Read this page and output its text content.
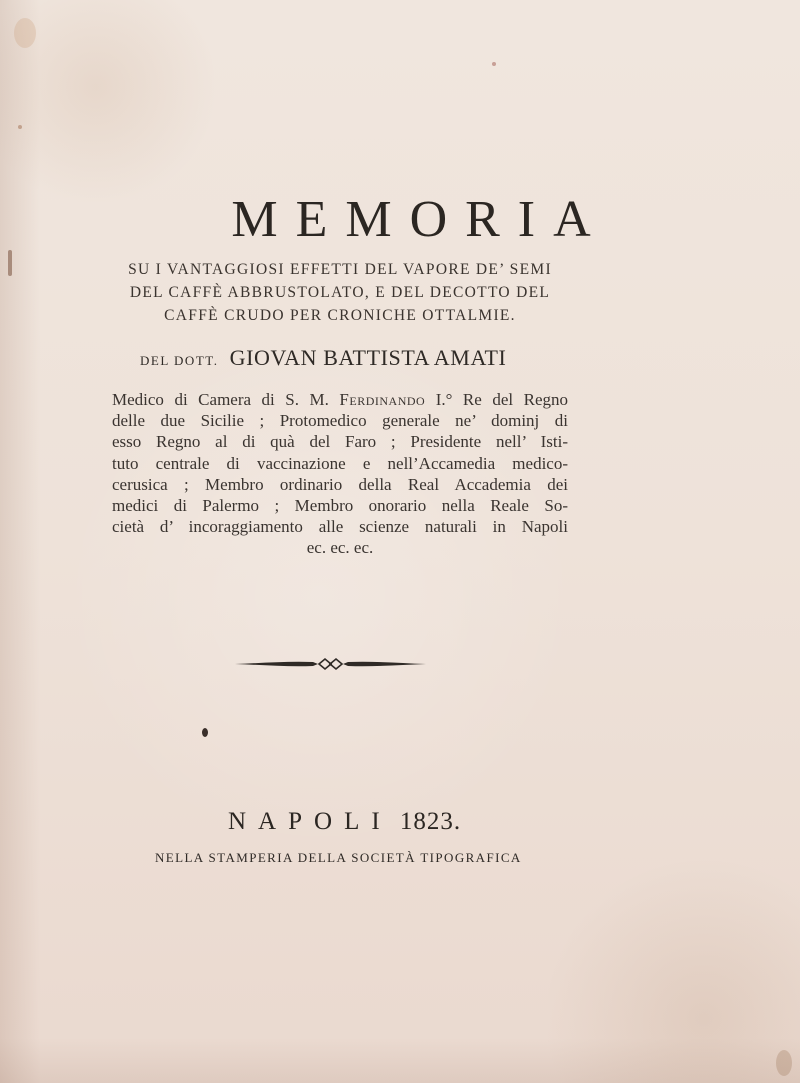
MEMORIA
SU I VANTAGGIOSI EFFETTI DEL VAPORE DE’ SEMI
DEL CAFFÈ ABBRUSTOLATO, E DEL DECOTTO DEL
CAFFÈ CRUDO PER CRONICHE OTTALMIE.
DEL DOTT. GIOVAN BATTISTA AMATI
Medico di Camera di S. M. Ferdinando I.° Re del Regno
delle due Sicilie ; Protomedico generale ne’ dominj di
esso Regno al di quà del Faro ; Presidente nell’ Isti-
tuto centrale di vaccinazione e nell’Accamedia medico-
cerusica ; Membro ordinario della Real Accademia dei
medici di Palermo ; Membro onorario nella Reale So-
cietà d’ incoraggiamento alle scienze naturali in Napoli
ec. ec. ec.
NAPOLI 1823.
NELLA STAMPERIA DELLA SOCIETÀ TIPOGRAFICA
